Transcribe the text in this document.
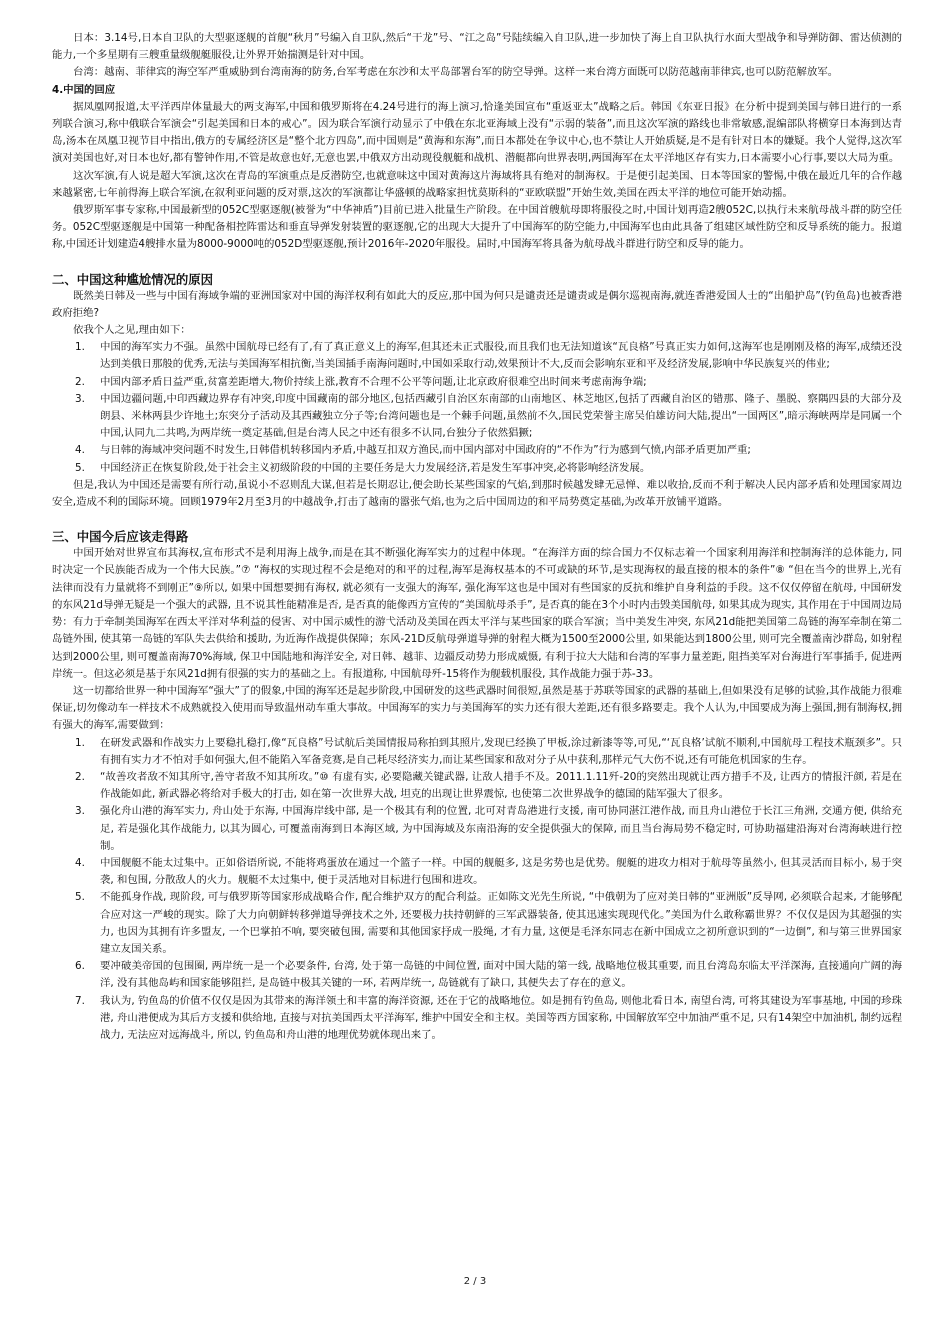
日本：3.14号,日本自卫队的大型驱逐舰的首舰“秋月”号编入自卫队,然后“干龙”号、“江之岛”号陆续编入自卫队,进一步加快了海上自卫队执行水面大型战争和导弹防御、雷达侦测的能力,一个多星期有三艘重量级舰艇服役,让外界开始揣测是针对中国。

台湾：越南、菲律宾的海空军严重威胁到台湾南海的防务,台军考虑在东沙和太平岛部署台军的防空导弹。这样一来台湾方面既可以防范越南菲律宾,也可以防范解放军。

4.中国的回应

据凤凰网报道,太平洋西岸体量最大的两支海军,中国和俄罗斯将在4.24号进行的海上演习,恰逢美国宣布“重返亚太”战略之后。韩国《东亚日报》在分析中提到美国与韩日进行的一系列联合演习,称中俄联合军演会“引起美国和日本的戒心”。因为联合军演行动显示了中俄在东北亚海域上没有“示弱的装备”,而且这次军演的路线也非常敏感,混编部队将横穿日本海到达青岛,汤本在凤凰卫视节目中指出,俄方的专属经济区是“整个北方四岛”,而中国则是“黄海和东海”,而日本都处在争议中心,也不禁让人开始质疑,是不是有针对日本的嫌疑。我个人觉得,这次军演对美国也好,对日本也好,都有警钟作用,不管是故意也好,无意也罢,中俄双方出动现役舰艇和战机、潜艇都向世界表明,两国海军在太平洋地区存有实力,日本需要小心行事,要以大局为重。

这次军演,有人说是超大军演,这次在青岛的军演重点是反潜防空,也就意味这中国对黄海这片海域将具有绝对的制海权。于是便引起美国、日本等国家的警惕,中俄在最近几年的合作越来越紧密,七年前得海上联合军演,在叙利亚问题的反对票,这次的军演都让华盛顿的战略家担忧莫斯科的“亚欧联盟”开始生效,美国在西太平洋的地位可能开始动摇。

俄罗斯军事专家称,中国最新型的052C型驱逐舰(被誉为“中华神盾”)目前已进入批量生产阶段。在中国首艘航母即将服役之时,中国计划再造2艘052C,以执行未来航母战斗群的防空任务。052C型驱逐舰是中国第一种配备相控阵雷达和垂直导弹发射装置的驱逐舰,它的出现大大提升了中国海军的防空能力,中国海军也由此具备了组建区域性防空和反导系统的能力。报道称,中国还计划建造4艘排水量为8000-9000吨的052D型驱逐舰,预计2016年-2020年服役。届时,中国海军将具备为航母战斗群进行防空和反导的能力。

二、中国这种尴尬情况的原因

既然美日韩及一些与中国有海域争端的亚洲国家对中国的海洋权利有如此大的反应,那中国为何只是谴责还是谴责或是偶尔巡视南海,就连香港爱国人士的“出船护岛”(钓鱼岛)也被香港政府拒绝?

依我个人之见,理由如下：

1. 中国的海军实力不强。虽然中国航母已经有了,有了真正意义上的海军,但其还未正式服役,而且我们也无法知道该“瓦良格”号真正实力如何,这海军也是刚刚及格的海军,成绩还没达到美俄日那般的优秀,无法与美国海军相抗衡,当美国插手南海问题时,中国如采取行动,效果预计不大,反而会影响东亚和平及经济发展,影响中华民族复兴的伟业;
2. 中国内部矛盾日益严重,贫富差距增大,物价持续上涨,教育不合理不公平等问题,让北京政府很难空出时间来考虑南海争端;
3. 中国边疆问题,中印西藏边界存有冲突,印度中国藏南的部分地区,包括西藏引自治区东南部的山南地区、林芝地区,包括了西藏自治区的错那、隆子、墨脱、察隅四县的大部分及朗县、米林两县少许地土;东突分子活动及其西藏独立分子等;台湾问题也是一个棘手问题,虽然前不久,国民党荣誉主席吴伯雄访问大陆,提出“一国两区”,暗示海峡两岸是同属一个中国,认同九二共鸣,为两岸统一奠定基础,但是台湾人民之中还有很多不认同,台独分子依然猖獗;
4. 与日韩的海域冲突问题不时发生,日韩借机转移国内矛盾,中越互扣双方渔民,而中国内部对中国政府的“不作为”行为感到气愤,内部矛盾更加严重;
5. 中国经济正在恢复阶段,处于社会主义初级阶段的中国的主要任务是大力发展经济,若是发生军事冲突,必将影响经济发展。

但是,我认为中国还是需要有所行动,虽说小不忍则乱大谋,但若是长期忍让,便会助长某些国家的气焰,到那时候越发肆无忌惮、难以收拾,反而不利于解决人民内部矛盾和处理国家周边安全,造成不利的国际环境。回顾1979年2月至3月的中越战争,打击了越南的嚣张气焰,也为之后中国周边的和平局势奠定基础,为改革开放铺平道路。

三、中国今后应该走得路

中国开始对世界宣布其海权,宣布形式不是利用海上战争,而是在其不断强化海军实力的过程中体现。“在海洋方面的综合国力不仅标志着一个国家利用海洋和控制海洋的总体能力, 同时决定一个民族能否成为一个伟大民族。”⑦ “海权的实现过程不会是绝对的和平的过程,海军是海权基本的不可或缺的环节,是实现海权的最直接的根本的条件”⑧ “但在当今的世界上,光有法律而没有力量就将不到刚正”⑨所以, 如果中国想要拥有海权, 就必须有一支强大的海军, 强化海军这也是中国对有些国家的反抗和维护自身利益的手段。这不仅仅停留在航母, 中国研发的东风21d导弹无疑是一个强大的武器, 且不说其性能精准是否, 是否真的能像西方宣传的“美国航母杀手”, 是否真的能在3个小时内击毁美国航母, 如果其成为现实, 其作用在于中国周边局势：有力于牵制美国海军在西太平洋对华利益的侵害、对中国示威性的游弋活动及美国在西太平洋与某些国家的联合军演；当中美发生冲突, 东风21d能把美国第二岛链的海军牵制在第二岛链外围, 使其第一岛链的军队失去供给和援助, 为近海作战提供保障；东风-21D反航母弹道导弹的射程大概为1500至2000公里, 如果能达到1800公里, 则可完全覆盖南沙群岛, 如射程达到2000公里, 则可覆盖南海70%海域, 保卫中国陆地和海洋安全, 对日韩、越菲、边疆反动势力形成威慑, 有利于拉大大陆和台湾的军事力量差距, 阻挡美军对台海进行军事插手, 促进两岸统一。但这必须是基于东风21d拥有很强的实力的基础之上。有报道称, 中国航母歼-15将作为舰载机服役, 其作战能力强于苏-33。

这一切都给世界一种中国海军“强大”了的假象,中国的海军还是起步阶段,中国研发的这些武器时间很短,虽然是基于苏联等国家的武器的基础上,但如果没有足够的试验,其作战能力很难保证,切勿像动车一样技术不成熟就投入使用而导致温州动车重大事故。中国海军的实力与美国海军的实力还有很大差距,还有很多路要走。我个人认为,中国要成为海上强国,拥有制海权,拥有强大的海军,需要做到：

1. 在研发武器和作战实力上要稳扎稳打,像“瓦良格”号试航后美国情报局称拍到其照片,发现已经换了甲板,涂过新漆等等,可见,“‘瓦良格’试航不顺利,中国航母工程技术瓶颈多”。只有拥有实力才不怕对手如何强大,但不能陷入军备竞赛,是自己耗尽经济实力,而让某些国家和敌对分子从中获利,那样元气大伤不说,还有可能危机国家的生存。
2. “故善攻者敌不知其所守,善守者敌不知其所攻。”⑩ 有虚有实, 必要隐藏关键武器, 让敌人措手不及。2011.1.11歼-20的突然出现就让西方措手不及, 让西方的情报汗颜, 若是在作战能如此, 新武器必将给对手极大的打击, 如在第一次世界大战, 坦克的出现让世界震惊, 也使第二次世界战争的德国的陆军强大了很多。
3. 强化舟山港的海军实力, 舟山处于东海, 中国海岸线中部, 是一个极其有利的位置, 北可对青岛港进行支援, 南可协同湛江港作战, 而且舟山港位于长江三角洲, 交通方便, 供给充足, 若是强化其作战能力, 以其为圆心, 可覆盖南海到日本海区域, 为中国海域及东南沿海的安全提供强大的保障, 而且当台海局势不稳定时, 可协助福建沿海对台湾海峡进行控制。
4. 中国舰艇不能太过集中。正如俗语所说, 不能将鸡蛋放在通过一个篮子一样。中国的舰艇多, 这是劣势也是优势。舰艇的进攻力相对于航母等虽然小, 但其灵活而目标小, 易于突袭, 和包围, 分散敌人的火力。舰艇不太过集中, 便于灵活地对目标进行包围和进攻。
5. 不能孤身作战, 现阶段, 可与俄罗斯等国家形成战略合作, 配合维护双方的配合利益。正如陈文光先生所说, “中俄朝为了应对美日韩的“亚洲版”反导网, 必须联合起来, 才能够配合应对这一严峻的现实。除了大力向朝鲜转移弹道导弹技术之外, 还要极力扶持朝鲜的三军武器装备, 使其迅速实现现代化。”美国为什么敢称霸世界？不仅仅是因为其超强的实力, 也因为其拥有许多盟友, 一个巴掌拍不响, 要突破包围, 需要和其他国家抒成一股绳, 才有力量, 这便是毛泽东同志在新中国成立之初所意识到的“一边倒”, 和与第三世界国家建立友国关系。
6. 要冲破美帝国的包围圈, 两岸统一是一个必要条件, 台湾, 处于第一岛链的中间位置, 面对中国大陆的第一线, 战略地位极其重要, 而且台湾岛东临太平洋深海, 直接通向广阔的海洋, 没有其他岛屿和国家能够阻拦, 是岛链中极其关键的一环, 若两岸统一, 岛链就有了缺口, 其便失去了存在的意义。
7. 我认为, 钓鱼岛的价值不仅仅是因为其带来的海洋领土和丰富的海洋资源, 还在于它的战略地位。如是拥有钓鱼岛, 则他北看日本, 南望台湾, 可将其建设为军事基地, 中国的珍珠港, 舟山港便成为其后方支援和供给地, 直接与对抗美国西太平洋海军, 维护中国安全和主权。美国等西方国家称, 中国解放军空中加油严重不足, 只有14架空中加油机, 制约远程战力, 无法应对远海战斗, 所以, 钓鱼岛和舟山港的地理优势就体现出来了。
2 / 3
